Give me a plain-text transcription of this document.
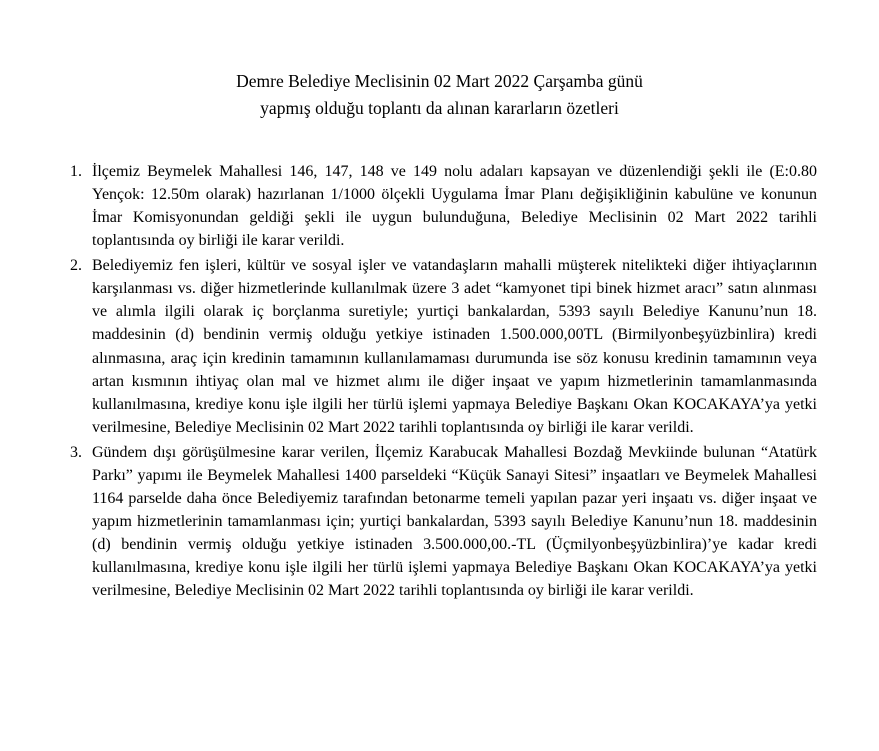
Demre Belediye Meclisinin 02 Mart 2022 Çarşamba günü
yapmış olduğu toplantı da alınan kararların özetleri
1. İlçemiz Beymelek Mahallesi 146, 147, 148 ve 149 nolu adaları kapsayan ve düzenlendiği şekli ile (E:0.80 Yençok: 12.50m olarak) hazırlanan 1/1000 ölçekli Uygulama İmar Planı değişikliğinin kabulüne ve konunun İmar Komisyonundan geldiği şekli ile uygun bulunduğuna, Belediye Meclisinin 02 Mart 2022 tarihli toplantısında oy birliği ile karar verildi.
2. Belediyemiz fen işleri, kültür ve sosyal işler ve vatandaşların mahalli müşterek nitelikteki diğer ihtiyaçlarının karşılanması vs. diğer hizmetlerinde kullanılmak üzere 3 adet “kamyonet tipi binek hizmet aracı” satın alınması ve alımla ilgili olarak iç borçlanma suretiyle; yurtiçi bankalardan, 5393 sayılı Belediye Kanunu’nun 18. maddesinin (d) bendinin vermiş olduğu yetkiye istinaden 1.500.000,00TL (Birmilyonbeşyüzbinlira) kredi alınmasına, araç için kredinin tamamının kullanılamaması durumunda ise söz konusu kredinin tamamının veya artan kısmının ihtiyaç olan mal ve hizmet alımı ile diğer inşaat ve yapım hizmetlerinin tamamlanmasında kullanılmasına, krediye konu işle ilgili her türlü işlemi yapmaya Belediye Başkanı Okan KOCAKAYA’ya yetki verilmesine, Belediye Meclisinin 02 Mart 2022 tarihli toplantısında oy birliği ile karar verildi.
3. Gündem dışı görüşülmesine karar verilen, İlçemiz Karabucak Mahallesi Bozdağ Mevkiinde bulunan “Atatürk Parkı” yapımı ile Beymelek Mahallesi 1400 parseldeki “Küçük Sanayi Sitesi” inşaatları ve Beymelek Mahallesi 1164 parselde daha önce Belediyemiz tarafından betonarme temeli yapılan pazar yeri inşaatı vs. diğer inşaat ve yapım hizmetlerinin tamamlanması için; yurtiçi bankalardan, 5393 sayılı Belediye Kanunu’nun 18. maddesinin (d) bendinin vermiş olduğu yetkiye istinaden 3.500.000,00.-TL (Üçmilyonbeşyüzbinlira)’ye kadar kredi kullanılmasına, krediye konu işle ilgili her türlü işlemi yapmaya Belediye Başkanı Okan KOCAKAYA’ya yetki verilmesine, Belediye Meclisinin 02 Mart 2022 tarihli toplantısında oy birliği ile karar verildi.
